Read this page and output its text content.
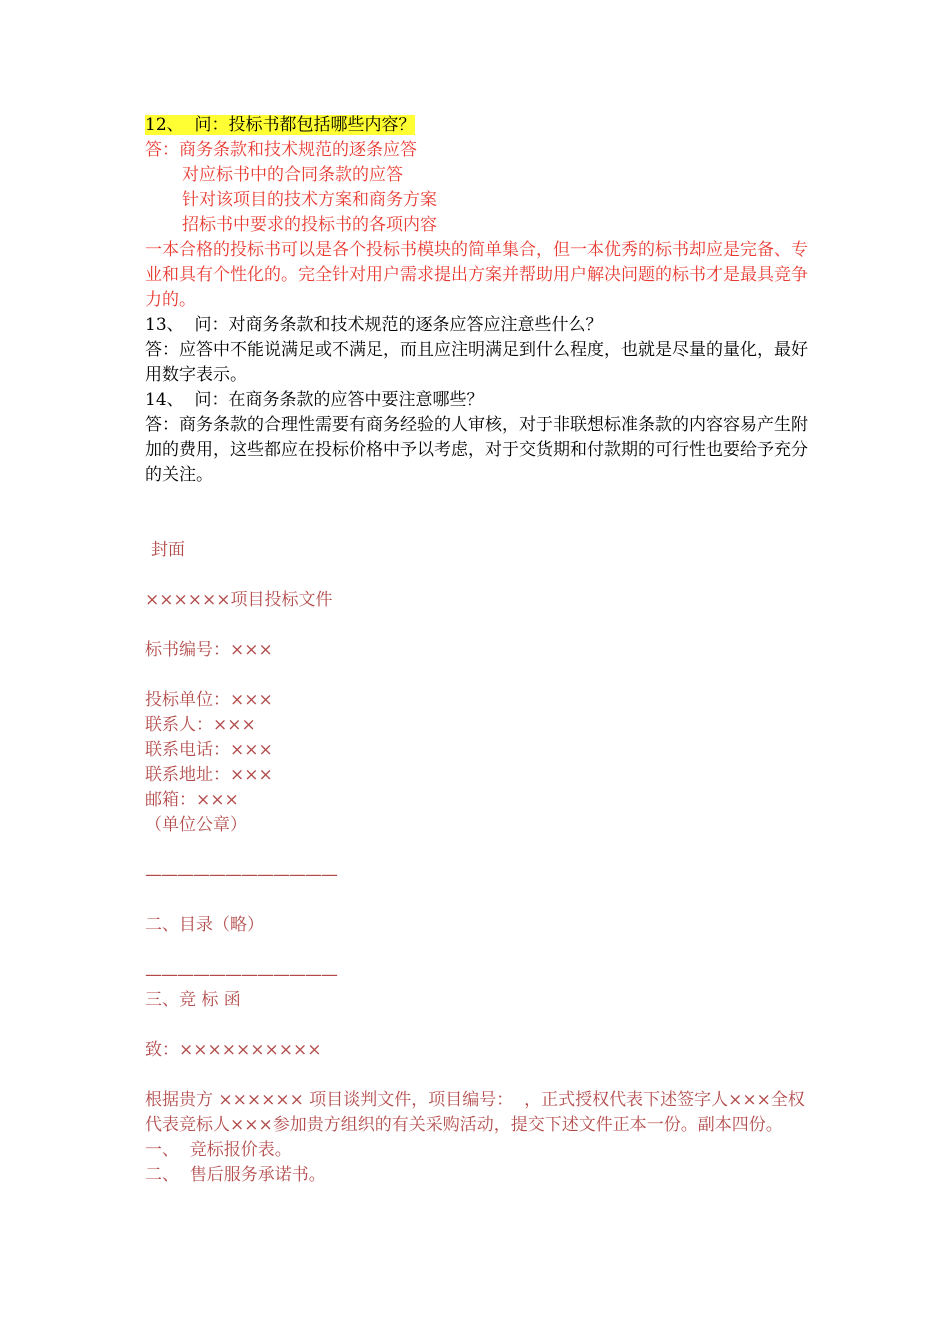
12、  问：投标书都包括哪些内容？

答：商务条款和技术规范的逐条应答

对应标书中的合同条款的应答

针对该项目的技术方案和商务方案

招标书中要求的投标书的各项内容

一本合格的投标书可以是各个投标书模块的简单集合，但一本优秀的标书却应是完备、专业和具有个性化的。完全针对用户需求提出方案并帮助用户解决问题的标书才是最具竞争力的。

13、  问：对商务条款和技术规范的逐条应答应注意些什么？

答：应答中不能说满足或不满足，而且应注明满足到什么程度，也就是尽量的量化，最好用数字表示。

14、  问：在商务条款的应答中要注意哪些？

答：商务条款的合理性需要有商务经验的人审核，对于非联想标准条款的内容容易产生附加的费用，这些都应在投标价格中予以考虑，对于交货期和付款期的可行性也要给予充分的关注。

封面

××××××项目投标文件

标书编号：×××

投标单位：×××

联系人：×××

联系电话：×××

联系地址：×××

邮箱：×××

（单位公章）

————————————

二、目录（略）

————————————

三、竞 标 函

致：××××××××××

根据贵方 ×××××× 项目谈判文件，项目编号：  ，正式授权代表下述签字人×××全权代表竞标人×××参加贵方组织的有关采购活动，提交下述文件正本一份。副本四份。

一、  竞标报价表。

二、  售后服务承诺书。
